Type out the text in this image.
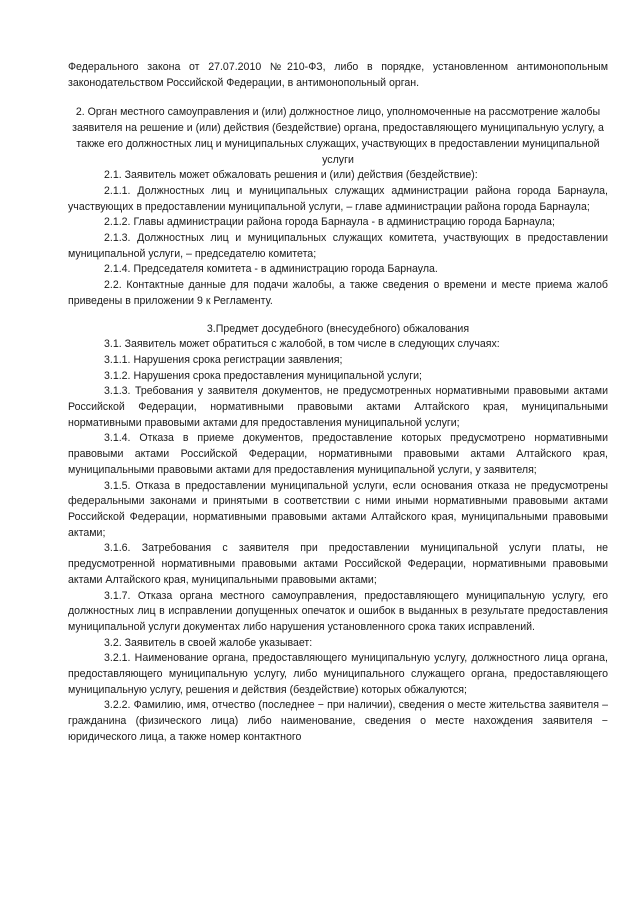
Федерального закона от 27.07.2010 №210-ФЗ, либо в порядке, установленном антимонопольным законодательством Российской Федерации, в антимонопольный орган.

2. Орган местного самоуправления и (или) должностное лицо, уполномоченные на рассмотрение жалобы заявителя на решение и (или) действия (бездействие) органа, предоставляющего муниципальную услугу, а также его должностных лиц и муниципальных служащих, участвующих в предоставлении муниципальной услуги

2.1. Заявитель может обжаловать решения и (или) действия (бездействие):

2.1.1. Должностных лиц и муниципальных служащих администрации района города Барнаула, участвующих в предоставлении муниципальной услуги, – главе администрации района города Барнаула;

2.1.2. Главы администрации района города Барнаула - в администрацию города Барнаула;

2.1.3. Должностных лиц и муниципальных служащих комитета, участвующих в предоставлении муниципальной услуги, – председателю комитета;

2.1.4. Председателя комитета - в администрацию города Барнаула.

2.2. Контактные данные для подачи жалобы, а также сведения о времени и месте приема жалоб приведены в приложении 9 к Регламенту.

3.Предмет досудебного (внесудебного) обжалования

3.1. Заявитель может обратиться с жалобой, в том числе в следующих случаях:

3.1.1. Нарушения срока регистрации заявления;

3.1.2. Нарушения срока предоставления муниципальной услуги;

3.1.3. Требования у заявителя документов, не предусмотренных нормативными правовыми актами Российской Федерации, нормативными правовыми актами Алтайского края, муниципальными нормативными правовыми актами для предоставления муниципальной услуги;

3.1.4. Отказа в приеме документов, предоставление которых предусмотрено нормативными правовыми актами Российской Федерации, нормативными правовыми актами Алтайского края, муниципальными правовыми актами для предоставления муниципальной услуги, у заявителя;

3.1.5. Отказа в предоставлении муниципальной услуги, если основания отказа не предусмотрены федеральными законами и принятыми в соответствии с ними иными нормативными правовыми актами Российской Федерации, нормативными правовыми актами Алтайского края, муниципальными правовыми актами;

3.1.6. Затребования с заявителя при предоставлении муниципальной услуги платы, не предусмотренной нормативными правовыми актами Российской Федерации, нормативными правовыми актами Алтайского края, муниципальными правовыми актами;

3.1.7. Отказа органа местного самоуправления, предоставляющего муниципальную услугу, его должностных лиц в исправлении допущенных опечаток и ошибок в выданных в результате предоставления муниципальной услуги документах либо нарушения установленного срока таких исправлений.

3.2. Заявитель в своей жалобе указывает:

3.2.1. Наименование органа, предоставляющего муниципальную услугу, должностного лица органа, предоставляющего муниципальную услугу, либо муниципального служащего органа, предоставляющего муниципальную услугу, решения и действия (бездействие) которых обжалуются;

3.2.2. Фамилию, имя, отчество (последнее − при наличии), сведения о месте жительства заявителя – гражданина (физического лица) либо наименование, сведения о месте нахождения заявителя − юридического лица, а также номер контактного
